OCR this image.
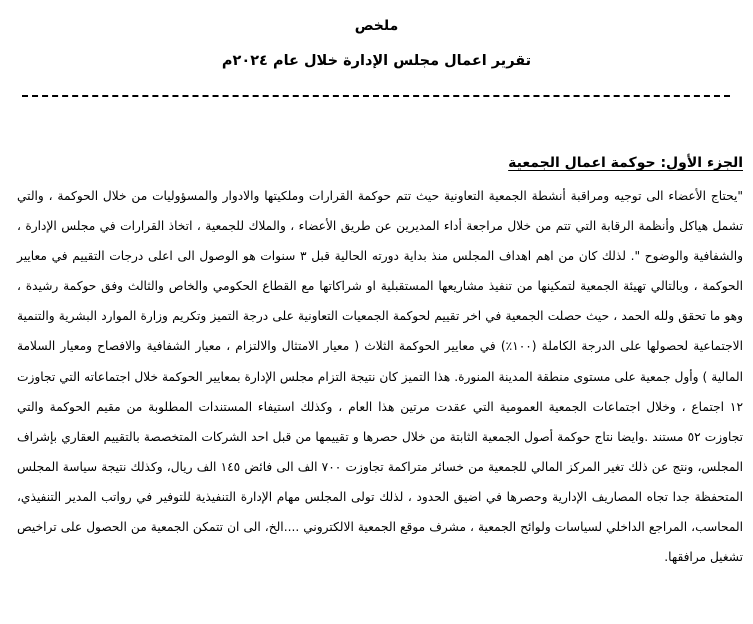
ملخص
تقرير اعمال مجلس الإدارة خلال عام ٢٠٢٤م
الجزء الأول: حوكمة اعمال الجمعية

"يحتاج الأعضاء الى توجيه ومراقبة أنشطة الجمعية التعاونية حيث تتم حوكمة القرارات وملكيتها والادوار والمسؤوليات من خلال الحوكمة ، والتي تشمل هياكل وأنظمة الرقابة التي تتم من خلال مراجعة أداء المديرين عن طريق الأعضاء ، والملاك للجمعية ، اتخاذ القرارات في مجلس الإدارة ، والشفافية والوضوح ". لذلك كان من اهم اهداف المجلس منذ بداية دورته الحالية قبل ٣ سنوات هو الوصول الى اعلى درجات التقييم في معايير الحوكمة ، وبالتالي تهيئة الجمعية لتمكينها من تنفيذ مشاريعها المستقبلية او شراكاتها مع القطاع الحكومي والخاص والثالث وفق حوكمة رشيدة ، وهو ما تحقق ولله الحمد ، حيث حصلت الجمعية في اخر تقييم لحوكمة الجمعيات التعاونية على درجة التميز وتكريم وزارة الموارد البشرية والتنمية الاجتماعية لحصولها على الدرجة الكاملة (١٠٠٪) في معايير الحوكمة الثلاث ( معيار الامتثال والالتزام ، معيار الشفافية والافصاح ومعيار السلامة المالية ) وأول جمعية على مستوى منطقة المدينة المنورة. هذا التميز كان نتيجة التزام مجلس الإدارة بمعايير الحوكمة خلال اجتماعاته التي تجاوزت ١٢ اجتماع ، وخلال اجتماعات الجمعية العمومية التي عقدت مرتين هذا العام ، وكذلك استيفاء المستندات المطلوبة من مقيم الحوكمة والتي تجاوزت ٥٢ مستند .وايضا نتاج حوكمة أصول الجمعية الثابتة من خلال حصرها و تقييمها من قبل احد الشركات المتخصصة بالتقييم العقاري بإشراف المجلس، ونتج عن ذلك تغير المركز المالي للجمعية من خسائر متراكمة تجاوزت ٧٠٠ الف الى فائض ١٤٥ الف ريال، وكذلك نتيجة سياسة المجلس المتحفظة جدا تجاه المصاريف الإدارية وحصرها في اضيق الحدود ، لذلك تولى المجلس مهام الإدارة التنفيذية للتوفير في رواتب المدير التنفيذي، المحاسب، المراجع الداخلي لسياسات ولوائح الجمعية ، مشرف موقع الجمعية الالكتروني ....الخ، الى ان تتمكن الجمعية من الحصول على تراخيص تشغيل مرافقها.
